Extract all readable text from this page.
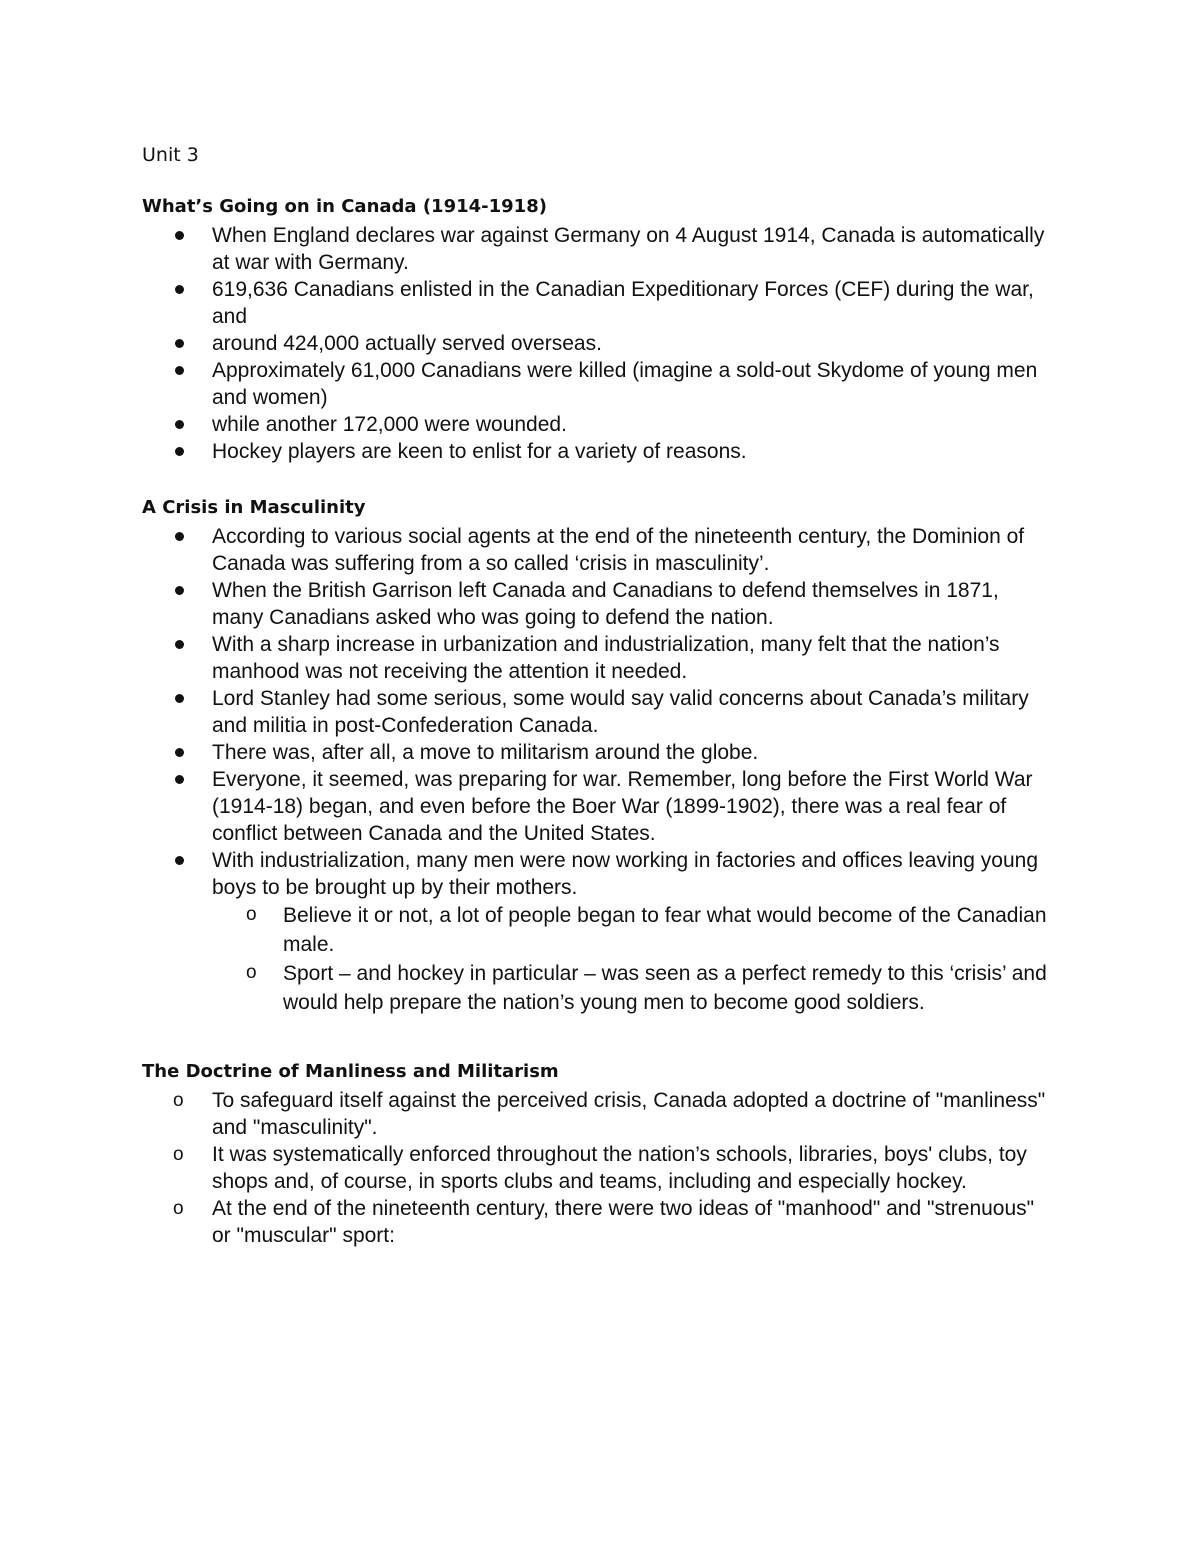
Unit 3
What’s Going on in Canada (1914-1918)
When England declares war against Germany on 4 August 1914, Canada is automatically at war with Germany.
619,636 Canadians enlisted in the Canadian Expeditionary Forces (CEF) during the war, and
around 424,000 actually served overseas.
Approximately 61,000 Canadians were killed (imagine a sold-out Skydome of young men and women)
while another 172,000 were wounded.
Hockey players are keen to enlist for a variety of reasons.
A Crisis in Masculinity
According to various social agents at the end of the nineteenth century, the Dominion of Canada was suffering from a so called ‘crisis in masculinity’.
When the British Garrison left Canada and Canadians to defend themselves in 1871, many Canadians asked who was going to defend the nation.
With a sharp increase in urbanization and industrialization, many felt that the nation’s manhood was not receiving the attention it needed.
Lord Stanley had some serious, some would say valid concerns about Canada’s military and militia in post-Confederation Canada.
There was, after all, a move to militarism around the globe.
Everyone, it seemed, was preparing for war. Remember, long before the First World War (1914-18) began, and even before the Boer War (1899-1902), there was a real fear of conflict between Canada and the United States.
With industrialization, many men were now working in factories and offices leaving young boys to be brought up by their mothers.
o	Believe it or not, a lot of people began to fear what would become of the Canadian male.
o	Sport – and hockey in particular – was seen as a perfect remedy to this ‘crisis’ and would help prepare the nation’s young men to become good soldiers.
The Doctrine of Manliness and Militarism
o	To safeguard itself against the perceived crisis, Canada adopted a doctrine of "manliness" and "masculinity".
o	It was systematically enforced throughout the nation’s schools, libraries, boys' clubs, toy shops and, of course, in sports clubs and teams, including and especially hockey.
o	At the end of the nineteenth century, there were two ideas of "manhood" and "strenuous" or "muscular" sport:
